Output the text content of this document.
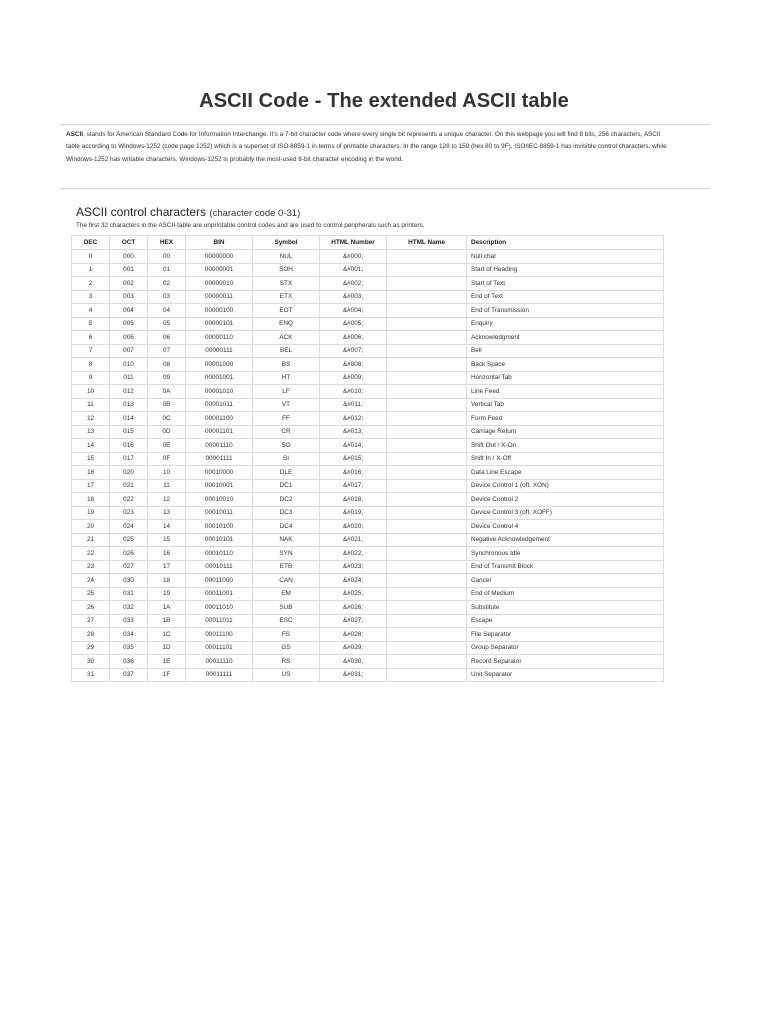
ASCII Code - The extended ASCII table

ASCII, stands for American Standard Code for Information Interchange. It's a 7-bit character code where every single bit represents a unique character. On this webpage you will find 8 bits, 256 characters, ASCII table according to Windows-1252 (code page 1252) which is a superset of ISO 8859-1 in terms of printable characters. In the range 128 to 159 (hex 80 to 9F), ISO/IEC 8859-1 has invisible control characters, while Windows-1252 has writable characters. Windows-1252 is probably the most-used 8-bit character encoding in the world.

ASCII control characters (character code 0-31)

The first 32 characters in the ASCII-table are unprintable control codes and are used to control peripherals such as printers.

DEC	OCT	HEX	BIN	Symbol	HTML Number	HTML Name	Description
0	000	00	00000000	NUL	&#000;		Null char
1	001	01	00000001	SOH	&#001;		Start of Heading
2	002	02	00000010	STX	&#002;		Start of Text
3	003	03	00000011	ETX	&#003;		End of Text
4	004	04	00000100	EOT	&#004;		End of Transmission
5	005	05	00000101	ENQ	&#005;		Enquiry
6	006	06	00000110	ACK	&#006;		Acknowledgment
7	007	07	00000111	BEL	&#007;		Bell
8	010	08	00001000	BS	&#008;		Back Space
9	011	09	00001001	HT	&#009;		Horizontal Tab
10	012	0A	00001010	LF	&#010;		Line Feed
11	013	0B	00001011	VT	&#011;		Vertical Tab
12	014	0C	00001100	FF	&#012;		Form Feed
13	015	0D	00001101	CR	&#013;		Carriage Return
14	016	0E	00001110	SO	&#014;		Shift Out / X-On
15	017	0F	00001111	SI	&#015;		Shift In / X-Off
16	020	10	00010000	DLE	&#016;		Data Line Escape
17	021	11	00010001	DC1	&#017;		Device Control 1 (oft. XON)
18	022	12	00010010	DC2	&#018;		Device Control 2
19	023	13	00010011	DC3	&#019;		Device Control 3 (oft. XOFF)
20	024	14	00010100	DC4	&#020;		Device Control 4
21	025	15	00010101	NAK	&#021;		Negative Acknowledgement
22	026	16	00010110	SYN	&#022;		Synchronous Idle
23	027	17	00010111	ETB	&#023;		End of Transmit Block
24	030	18	00011000	CAN	&#024;		Cancel
25	031	19	00011001	EM	&#025;		End of Medium
26	032	1A	00011010	SUB	&#026;		Substitute
27	033	1B	00011011	ESC	&#027;		Escape
28	034	1C	00011100	FS	&#028;		File Separator
29	035	1D	00011101	GS	&#029;		Group Separator
30	036	1E	00011110	RS	&#030;		Record Separator
31	037	1F	00011111	US	&#031;		Unit Separator
